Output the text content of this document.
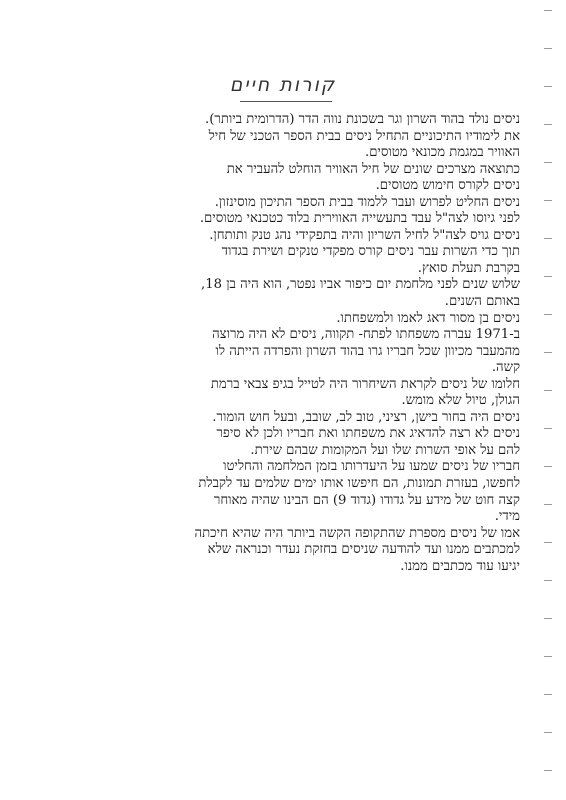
קורות חיים
ניסים נולד בהוד השרון וגר בשכונת נווה הדר (הדרומית ביותר).
את לימודיו התיכוניים התחיל ניסים בבית הספר הטכני של חיל
האוויר במגמת מכונאי מטוסים.
כתוצאה מצרכים שונים של חיל האוויר הוחלט להעביר את
ניסים לקורס חימוש מטוסים.
ניסים החליט לפרוש ועבר ללמוד בבית הספר התיכון מוסינזון.
לפני גיוסו לצה"ל עבד בתעשייה האווירית בלוד כטכנאי מטוסים.
ניסים גויס לצה"ל לחיל השריון והיה בתפקידי נהג טנק ותותחן.
תוך כדי השרות עבר ניסים קורס מפקדי טנקים ושירת בגדוד
בקרבת תעלת סואץ.
שלוש שנים לפני מלחמת יום כיפור אביו נפטר, הוא היה בן 18,
באותם השנים.
ניסים בן מסור דאג לאמו ולמשפחתו.
ב-1971 עברה משפחתו לפתח- תקווה, ניסים לא היה מרוצה
מהמעבר מכיוון שכל חבריו גרו בהוד השרון והפרדה הייתה לו
קשה.
חלומו של ניסים לקראת השיחרור היה לטייל בגיפ צבאי ברמת
הגולן, טיול שלא מומש.
ניסים היה בחור בישן, רציני, טוב לב, שובב, ובעל חוש הומור.
ניסים לא רצה להדאיג את משפחתו ואת חבריו ולכן לא סיפר
להם על אופי השרות שלו ועל המקומות שבהם שירת.
חבריו של ניסים שמעו על היעדרותו בזמן המלחמה והחליטו
לחפשו, בעזרת תמונות, הם חיפשו אותו ימים שלמים עד לקבלת
קצה חוט של מידע על גדודו (גדוד 9) הם הבינו שהיה מאוחר
מידי.
אמו של ניסים מספרת שהתקופה הקשה ביותר היה שהיא חיכתה
למכתבים ממנו ועד להודעה שניסים בחזקת נעדר וכנראה שלא
יגיעו עוד מכתבים ממנו.
